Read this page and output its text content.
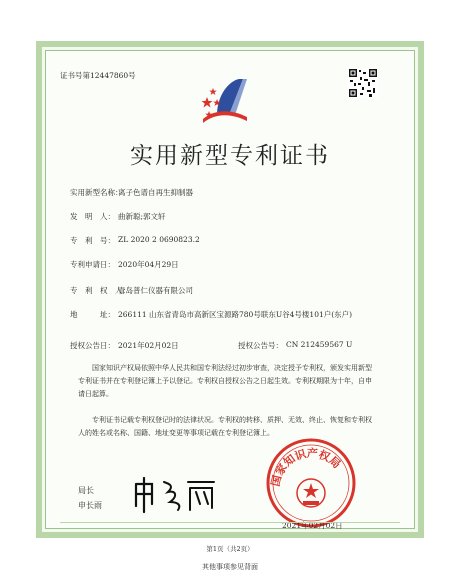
证书号第12447860号
实用新型专利证书
实用新型名称：
离子色谱自再生抑制器
发　明　人： 曲新聪;郭文轩
专　利　号： ZL 2020 2 0690823.2
专利申请日： 2020年04月29日
专　利　权　人：
青岛普仁仪器有限公司
地　　　址： 266111 山东省青岛市高新区宝源路780号联东U谷4号楼101户(东户)
授权公告日： 2021年02月02日	授权公告号： CN 212459567 U
国家知识产权局依照中华人民共和国专利法经过初步审查，决定授予专利权，颁发实用新型专利证书并在专利登记簿上予以登记。专利权自授权公告之日起生效。专利权期限为十年，自申请日起算。
专利证书记载专利权登记时的法律状况。专利权的转移、质押、无效、终止、恢复和专利权人的姓名或名称、国籍、地址变更等事项记载在专利登记簿上。
局长
申长雨
国家知识产权局
2021年02月02日
第1页（共2页）
其他事项参见背面
